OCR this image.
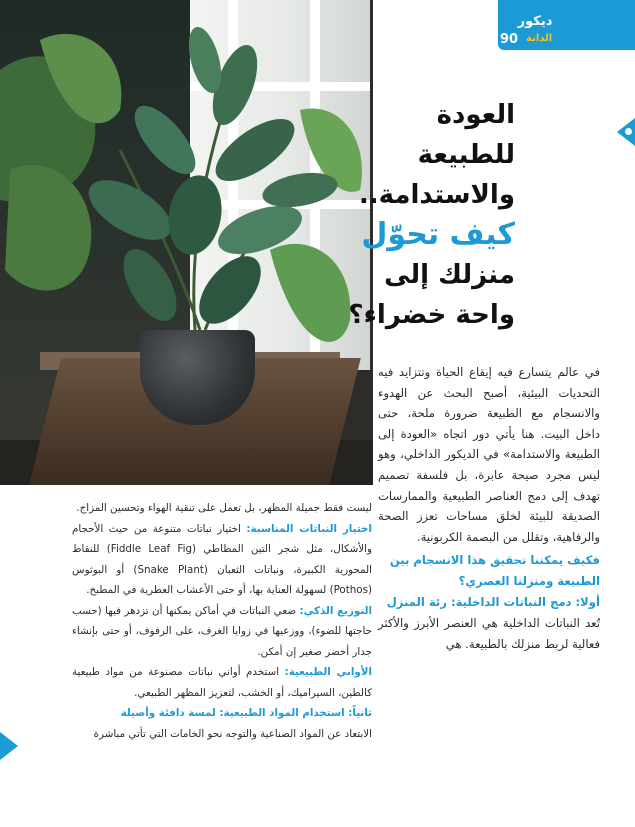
ديكور
90 الدانة
العودة
للطبيعة
والاستدامة..
كيف تحوّل
منزلك إلى
واحة خضراء؟

في عالم يتسارع فيه إيقاع الحياة وتتزايد فيه التحديات البيئية، أصبح البحث عن الهدوء والانسجام مع الطبيعة ضرورة ملحة، حتى داخل البيت. هنا يأتي دور اتجاه «العودة إلى الطبيعة والاستدامة» في الديكور الداخلي، وهو ليس مجرد صيحة عابرة، بل فلسفة تصميم تهدف إلى دمج العناصر الطبيعية والممارسات الصديقة للبيئة لخلق مساحات تعزز الصحة والرفاهية، وتقلل من البصمة الكربونية.

فكيف يمكننا تحقيق هذا الانسجام بين الطبيعة ومنزلنا العصري؟
أولا: دمج النباتات الداخلية: رئة المنزل

تُعد النباتات الداخلية هي العنصر الأبرز والأكثر فعالية لربط منزلك بالطبيعة. هي

ليست فقط جميلة المظهر، بل تعمل على تنقية الهواء وتحسين المزاج.

اختيار النباتات المناسبة: اختيار نباتات متنوعة من حيث الأحجام والأشكال، مثل شجر التين المطاطي (Fiddle Leaf Fig) للنقاط المحورية الكبيرة، ونباتات الثعبان (Snake Plant) أو البوثوس (Pothos) لسهولة العناية بها، أو حتى الأعشاب العطرية في المطبخ.

التوزيع الذكي: ضعي النباتات في أماكن يمكنها أن تزدهر فيها (حسب حاجتها للضوء)، ووزعيها في زوايا الغرف، على الرفوف، أو حتى بإنشاء جدار أخضر صغير إن أمكن.

الأواني الطبيعية: استخدم أواني نباتات مصنوعة من مواد طبيعية كالطين، السيراميك، أو الخشب، لتعزيز المظهر الطبيعي.

ثانياً: استخدام المواد الطبيعية: لمسة دافئة وأصيلة

الابتعاد عن المواد الصناعية والتوجه نحو الخامات التي تأتي مباشرة
